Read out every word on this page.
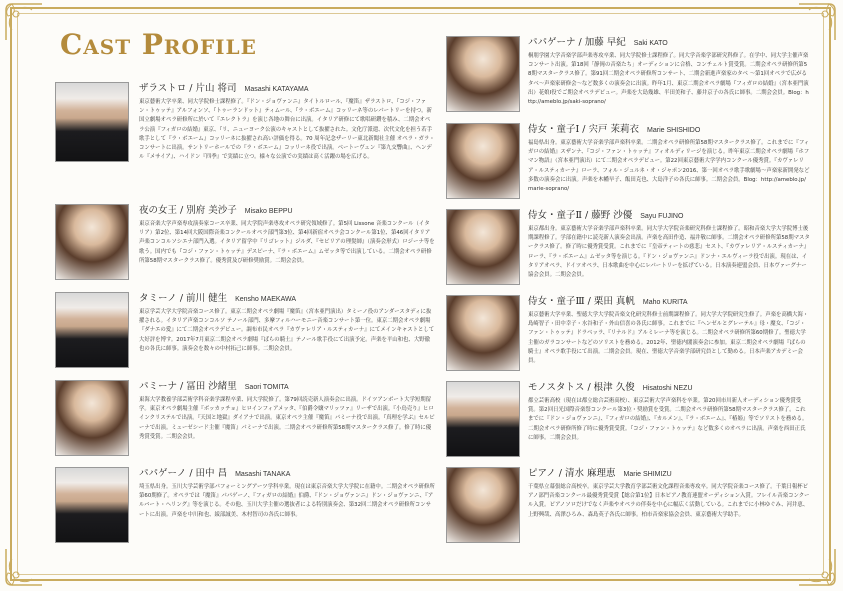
Cast Profile
ザラストロ / 片山 将司 Masashi KATAYAMA

東京藝術大学卒業、同大学院修士課程修了。『ドン・ジョヴァンニ』タイトルロール、『魔笛』ザラストロ、『コジ・ファン・トゥッテ』アルフォンソ、『トゥーランドット』ティムール、『ラ・ボエーム』コッリーネ等のレパートリーを持つ。新国立劇場オペラ研修所に於いて『エレクトラ』を演じ各地の舞台に出演。イタリア研修にて歌唱研鑽を積み、二期会オペラ公演『フィガロの結婚』東京、『リ、ニューヨーク公演のキャストとして抜擢された。文化庁派遣、次代文化を担う若手歌手として『ラ・ボエーム』コッリーネに抜擢され高い評価を得る。70 周年記念ザーリー東北新聞社主催 オペラ・ガラ・コンサートに出演。サントリーホールでの『ラ・ボエーム』コッリーネ役で出演。ベートーヴェン『第九交響曲』、ヘンデル『メサイア』、ハイドン『四季』で実績に立つ。様々な公演での実績は高く活躍の場を広げる。

夜の女王 / 別府 美沙子 Misako BEPPU

東京音楽大学声楽専攻演奏家コース卒業、同大学院声楽専攻オペラ研究領域修了。第5回 Lissone 音楽コンクール（イタリア）第2位、第14回大阪国際音楽コンクールオペラ部門第3位、第4回新宿オペラ会コンクール第1位、第46回イタリア声楽コンコルソシエナ部門入選。イタリア留学中『リゴレット』ジルダ、『セビリアの理髪師』（演奏会形式）ロジーナ等を歌う。国内でも『コジ・ファン・トゥッテ』デスピーナ、『ラ・ボエーム』ムゼッタ等で出演している。二期会オペラ研修所第58期マスタークラス修了。優秀賞及び研修奨励賞。二期会会員。

タミーノ / 前川 健生 Kensho MAEKAWA

東京学芸大学大学院音楽コース修了。東京二期会オペラ劇場『魔笛』（宮本亜門演出）タミーノ役のアンダースタディに抜擢される。イタリア声楽コンコルソ テノール部門、多摩フィルハーモニー音楽コンサート第一位。東京二期会オペラ劇場『ダナエの愛』にて二期会オペラデビュー。調布市民オペラ『カヴァレリア・ルスティカーナ』にてメインキャストとして大好評を博す。2017年7月東京二期会オペラ劇場『ばらの騎士』テノール歌手役にて出演予定。声楽を平山和也、大野徹也の各氏に師事。演奏会を数々の中村拓己に師事。二期会会員。

パミーナ / 冨田 沙緒里 Saori TOMITA

東海大学教養学部芸術学科音楽学課程卒業、同大学院修了。第79回読売新人演奏会に出演。ドイツアンボート大学短期留学。東京オペラ劇場主催『ボッカッチョ』ヒロインフィアメッタ、『伯爵令嬢マリッツァ』リーザで出演。『小鳥売り』ヒロインクリステルで出演。『天国と地獄』ダイアナで出演。東京オペラ主催『魔笛』パミーナ役で出演。『真理を学ぶ』セルビーナで出演。ミューゼシード主催『魔笛』パミーナで出演。二期会オペラ研修所第58期マスタークラス修了。修了時に優秀賞受賞。二期会会員。

パパゲーノ / 田中 昌 Masashi TANAKA

埼玉県出身。玉川大学芸術学部パフォーミングアーツ学科卒業。現在は東京音楽大学大学院に在籍中。二期会オペラ研修所第60期修了。オペラでは『魔笛』パパゲーノ、『フィガロの結婚』伯爵、『ドン・ジョヴァンニ』ドン・ジョヴァンニ、『アルバート・ヘリング』等を演じる。その他、玉川大学主催の選抜者による特別演奏会、第32回二期会オペラ研修所コンサートに出演。声楽を中川和也、綾部誠美、木村智司の各氏に師事。

パパゲーナ / 加藤 早紀 Saki KATO

桐朋学園大学音楽学部声楽専攻卒業、同大学院修士課程修了。同大学音楽学部研究科修了。在学中、同大学主催声楽コンサート出演。第18回「静岡の音楽たち」オーディションに合格、コンチェルト賞受賞。二期会オペラ研修所第58期マスタークラス修了。第91回二期会オペラ研修所コンサート、二期会新進声楽家のタベ 〜第1回オペラで広がるタベ〜声楽家研修会〜など数多くの演奏会に出演。昨年1月、東京二期会オペラ劇場『フィガロの結婚』（宮本亜門演出）花娘Ⅰ役でご期会オペラデビュー。声楽を大島幾雄、半田美和子、藤井京子の各氏に師事。二期会会員。Blog：http://ameblo.jp/saki-soprano/

侍女・童子Ⅰ / 宍戸 茉莉衣 Marie SHISHIDO

福島県出身。東京藝術大学音楽学部声楽科卒業。二期会オペラ研修所第58期マスタークラス修了。これまでに『フィガロの結婚』スザンナ、『コジ・ファン・トゥッテ』フィオルディリージを演じる。昨年東京二期会オペラ劇場『ホフマン物語』（宮本亜門演出）にて二期会オペラデビュー。第22回東京藝術大学学内コンクール優秀賞。『カヴァレリア・ルスティカーナ』ローラ、フォル・ジュルネ・オ・ジャポン2016、第一回オペラ歌手歌劇場〜声楽家新開発など多数の演奏会に出演。声楽を木幡早子、飯田克也、大島洋子の各氏に師事。二期会会員。Blog：http://ameblo.jp/marie-soprano/

侍女・童子Ⅱ / 藤野 沙優 Sayu FUJINO

東京都出身。東京藝術大学音楽学部声楽科卒業。同大学大学院音楽研究科修士課程修了。昭和音楽大学大学院博士後期課程修了。学部在籍中に読売新人演奏会出演。声楽を高田作造、福井敬に師事。二期会オペラ研修所第58期マスタークラス修了。修了時に優秀賞受賞。これまでに『皇帝ティートの慈悲』セスト、『カヴァレリア・ルスティカーナ』ローラ、『ラ・ボエーム』ムゼッタ等を演じる。『ドン・ジョヴァンニ』ドンナ・エルヴィーラ役で出演。現在は、イタリアオペラ、ドイツオペラ、日本歌曲を中心にレパートリーを拡げている。日本演奏連盟会員、日本ヴァーグナー協会会員。二期会会員。

侍女・童子Ⅲ / 栗田 真帆 Maho KURITA

東京藝術大学卒業、聖徳大学大学院音楽文化研究科修士前期課程修了。同大学大学院研究生修了。声楽を高橋大海・島崎智子・田中幸子・水谷和子・外山信喜の各氏に師事。これまでに『ヘンゼルとグレーテル』母・魔女、『コジ・ファン・トゥッテ』ドラベッラ、『リナルド』アルミレーナ等を演じる。二期会オペラ研修所第60期修了。聖徳大学主催のガラコンサートなどのソリストを務める。2012年、聖徳内閣演奏会に参加。東京二期会オペラ劇場『ばらの騎士』オペラ歌手役にて出演。二期会会員。現在、聖徳大学音楽学部研究員として勤める。日本声楽アカデミー会員。

モノスタトス / 根津 久俊 Hisatoshi NEZU

都立芸術高校（現在は都立総合芸術高校）、東京芸術大学声楽科を卒業。第20回市川新人オーディション優秀賞受賞。第2回日光国際音楽祭コンクール第3位・奨励賞を受賞。二期会オペラ研修所第58期マスタークラス修了。これまでに『ドン・ジョヴァンニ』、『フィガロの結婚』、『カルメン』、『ラ・ボエーム』、『椿姫』等でソリストを務める。二期会オペラ研修所修了時に優秀賞受賞。『コジ・ファン・トゥッテ』など数多くのオペラに出演。声楽を西田正氏に師事。二期会会員。

ピアノ / 清水 麻理恵 Marie SHIMIZU

千葉県立幕張総合高校卒。東京学芸大学教育学部芸術文化課程音楽専攻卒。同大学院音楽コース修了。千葉日報杯ピアノ部門音楽コンクール最優秀賞受賞【総合第1位】日本ピアノ教育連盟オーディション入賞。フレイル音楽コンクール入賞。ピアノソロだけでなく声楽やオペラの伴奏を中心に幅広く活動している。これまでに小林ゆぐみ、河井恵、上野興哉、高澤ひろみ、森島英子各氏に師事。柏市音楽家協会会員、東京藝術大学助手。
